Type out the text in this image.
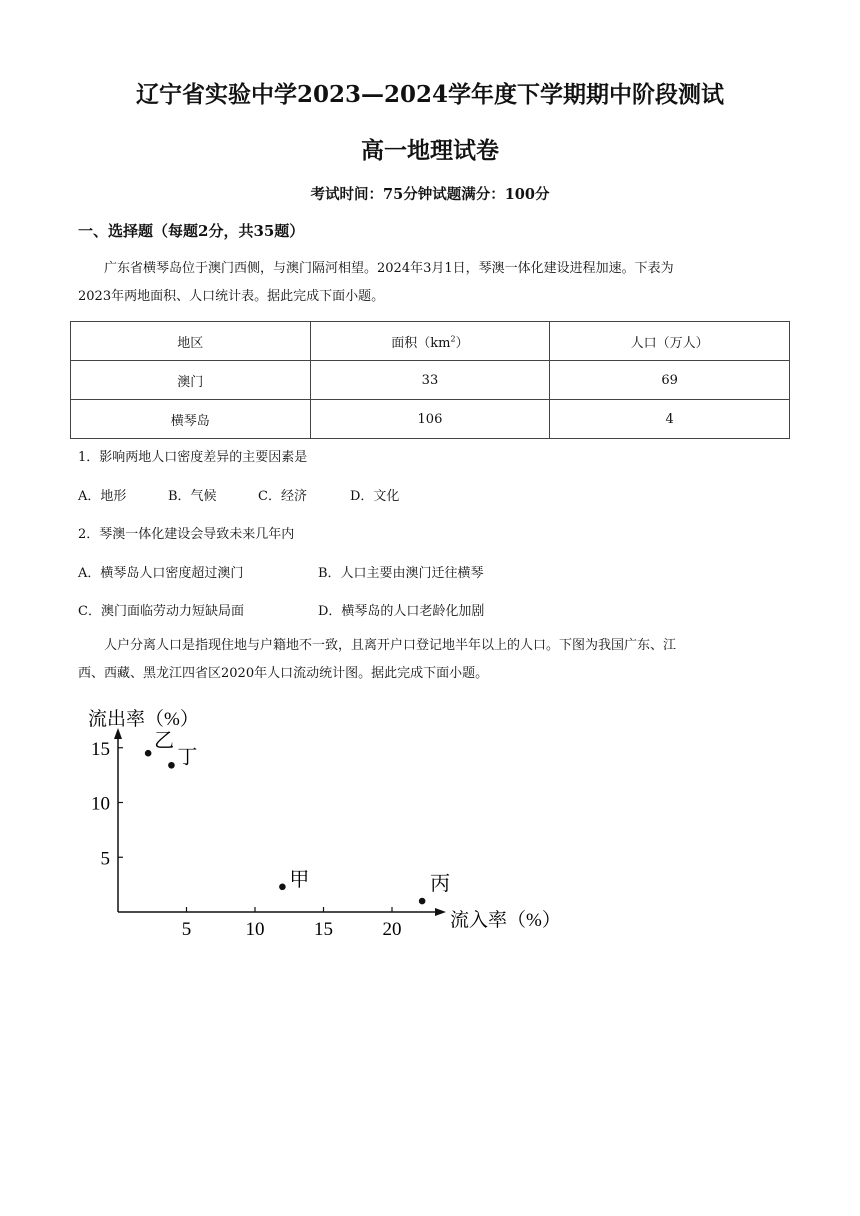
辽宁省实验中学2023—2024学年度下学期期中阶段测试
高一地理试卷
考试时间：75分钟试题满分：100分
一、选择题（每题2分，共35题）
广东省横琴岛位于澳门西侧，与澳门隔河相望。2024年3月1日，琴澳一体化建设进程加速。下表为
2023年两地面积、人口统计表。据此完成下面小题。
地区	面积$(km^2)$	人口（万人）
澳门	33	69
横琴岛	106	4
1．影响两地人口密度差异的主要因素是
A．地形	B．气候	C．经济	D．文化
2．琴澳一体化建设会导致未来几年内
A．横琴岛人口密度超过澳门	B．人口主要由澳门迁往横琴
C．澳门面临劳动力短缺局面	D．横琴岛的人口老龄化加剧
人户分离人口是指现住地与户籍地不一致，且离开户口登记地半年以上的人口。下图为我国广东、江
西、西藏、黑龙江四省区2020年人口流动统计图。据此完成下面小题。
流出率（%）
流入率（%）
5	10	15	20
5
10
15 乙
丁
甲	丙
